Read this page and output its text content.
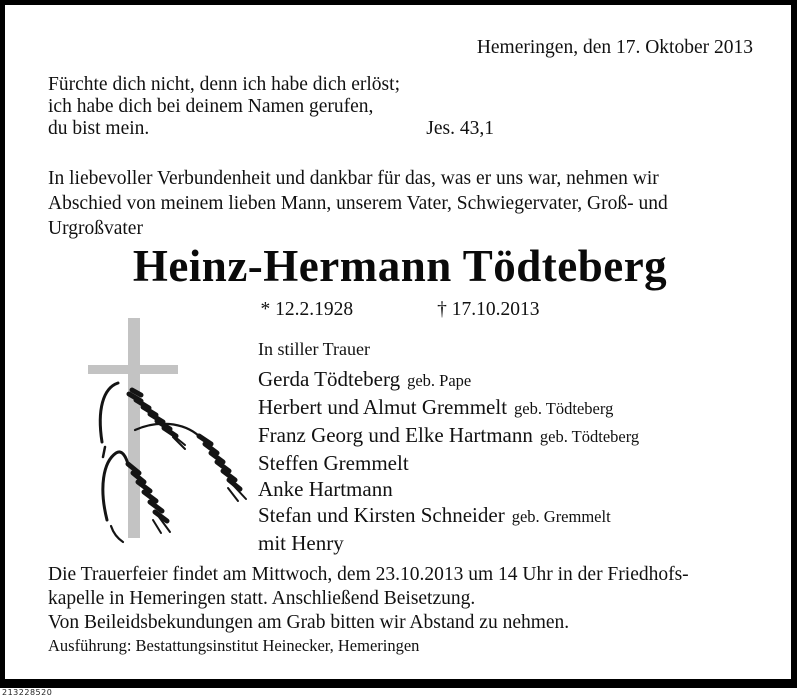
Hemeringen, den 17. Oktober 2013
Fürchte dich nicht, denn ich habe dich erlöst;
ich habe dich bei deinem Namen gerufen,
du bist mein.	Jes. 43,1
In liebevoller Verbundenheit und dankbar für das, was er uns war, nehmen wir
Abschied von meinem lieben Mann, unserem Vater, Schwiegervater, Groß- und
Urgroßvater
Heinz-Hermann Tödteberg
* 12.2.1928	† 17.10.2013
In stiller Trauer
Gerda Tödteberg geb. Pape
Herbert und Almut Gremmelt geb. Tödteberg
Franz Georg und Elke Hartmann geb. Tödteberg
Steffen Gremmelt
Anke Hartmann
Stefan und Kirsten Schneider geb. Gremmelt
mit Henry
Die Trauerfeier findet am Mittwoch, dem 23.10.2013 um 14 Uhr in der Friedhofs-
kapelle in Hemeringen statt. Anschließend Beisetzung.
Von Beileidsbekundungen am Grab bitten wir Abstand zu nehmen.
Ausführung: Bestattungsinstitut Heinecker, Hemeringen
213228520
